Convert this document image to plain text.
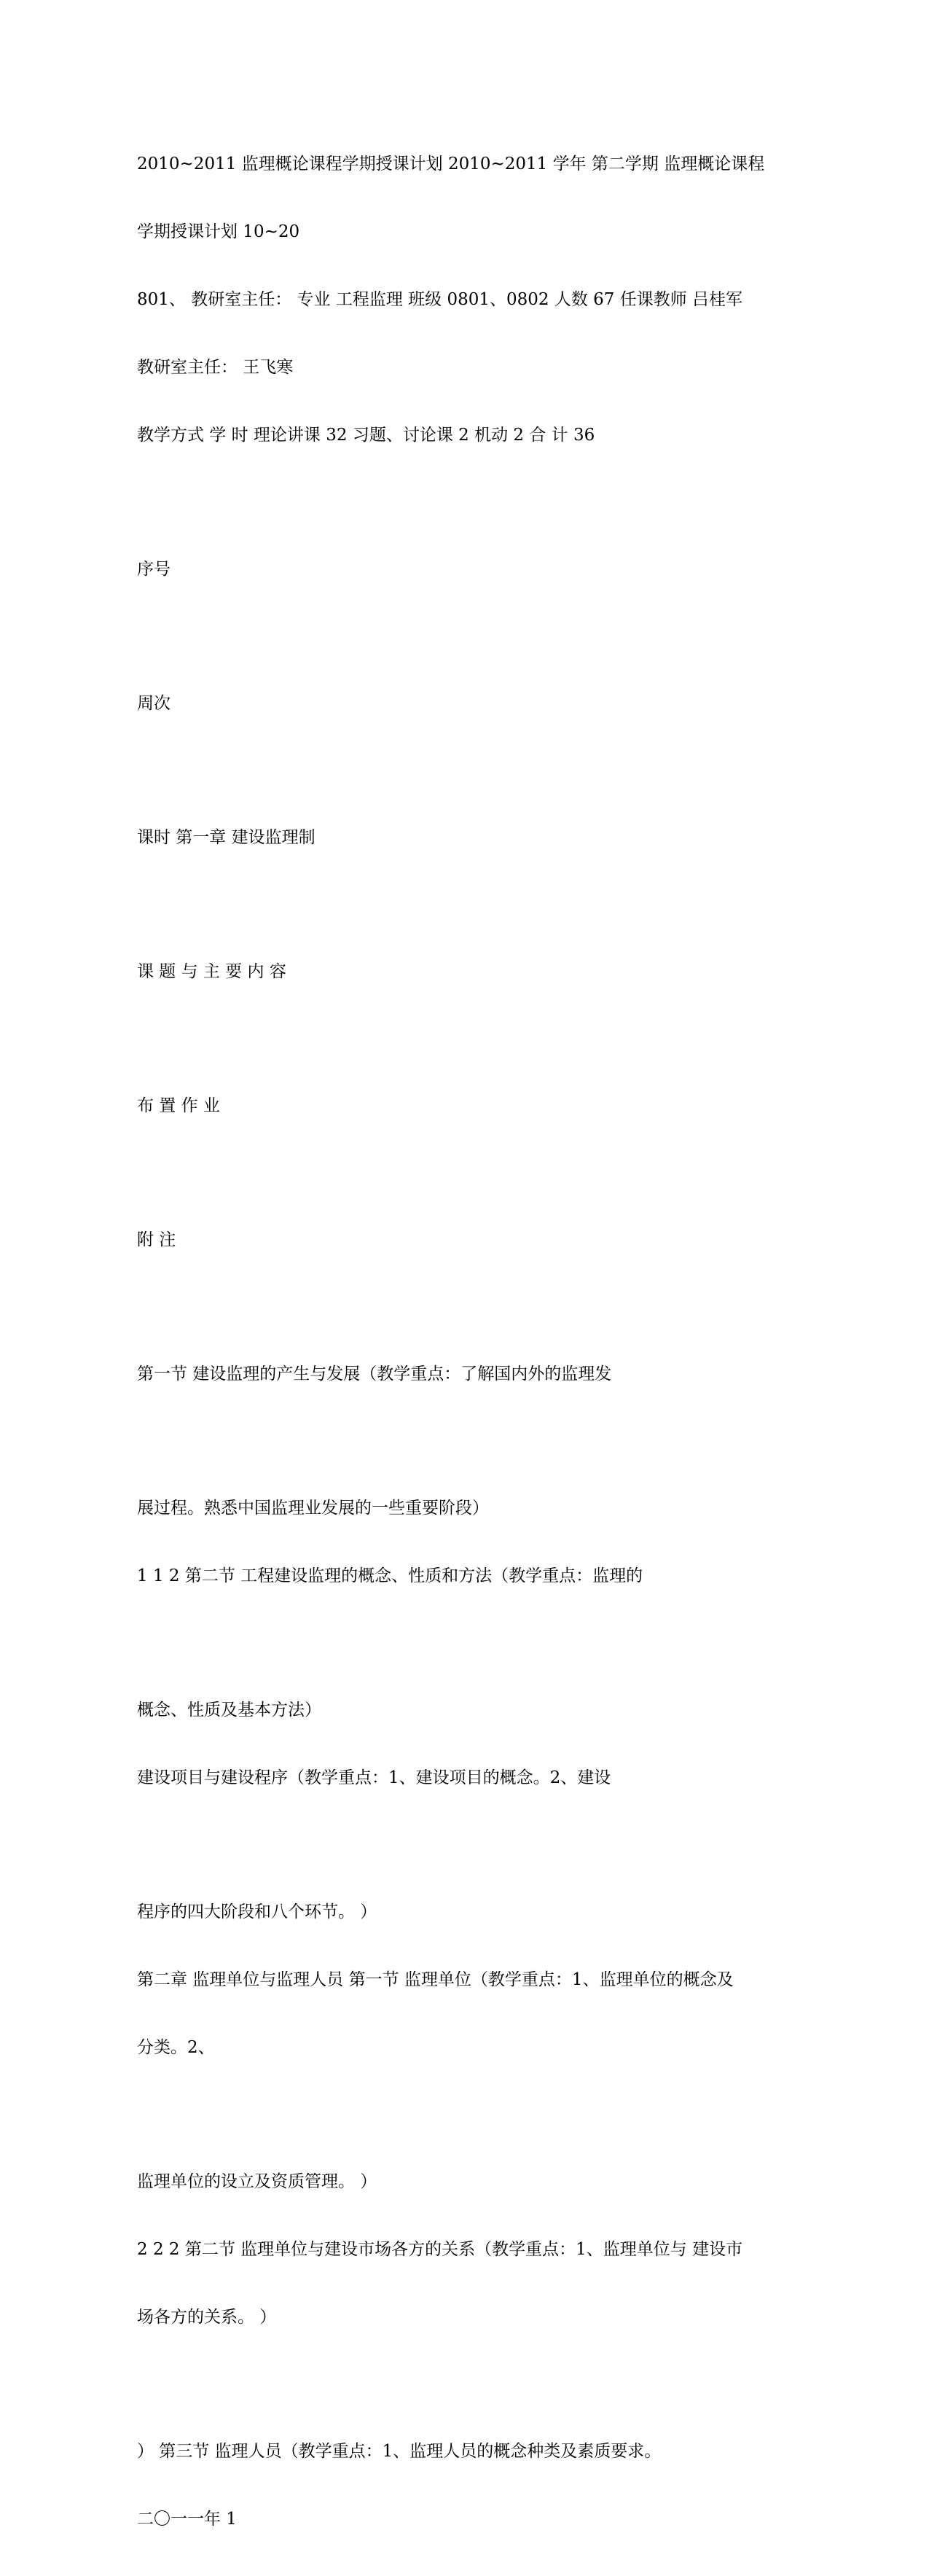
2010~2011 监理概论课程学期授课计划 2010~2011 学年 第二学期 监理概论课程

学期授课计划 10~20

801、 教研室主任： 专业 工程监理 班级 0801、0802 人数 67 任课教师 吕桂军

教研室主任： 王飞寒

教学方式 学 时 理论讲课 32 习题、讨论课 2 机动 2 合 计 36

序号

周次

课时 第一章 建设监理制

课 题 与 主 要 内 容

布 置 作 业

附 注

第一节 建设监理的产生与发展（教学重点：了解国内外的监理发

展过程。熟悉中国监理业发展的一些重要阶段）

1 1 2 第二节 工程建设监理的概念、性质和方法（教学重点：监理的

概念、性质及基本方法）

建设项目与建设程序（教学重点：1、建设项目的概念。2、建设

程序的四大阶段和八个环节。 ）

第二章 监理单位与监理人员 第一节 监理单位（教学重点：1、监理单位的概念及

分类。2、

监理单位的设立及资质管理。 ）

2 2 2 第二节 监理单位与建设市场各方的关系（教学重点：1、监理单位与 建设市

场各方的关系。 ）

） 第三节 监理人员（教学重点：1、监理人员的概念种类及素质要求。

二〇一一年 1
